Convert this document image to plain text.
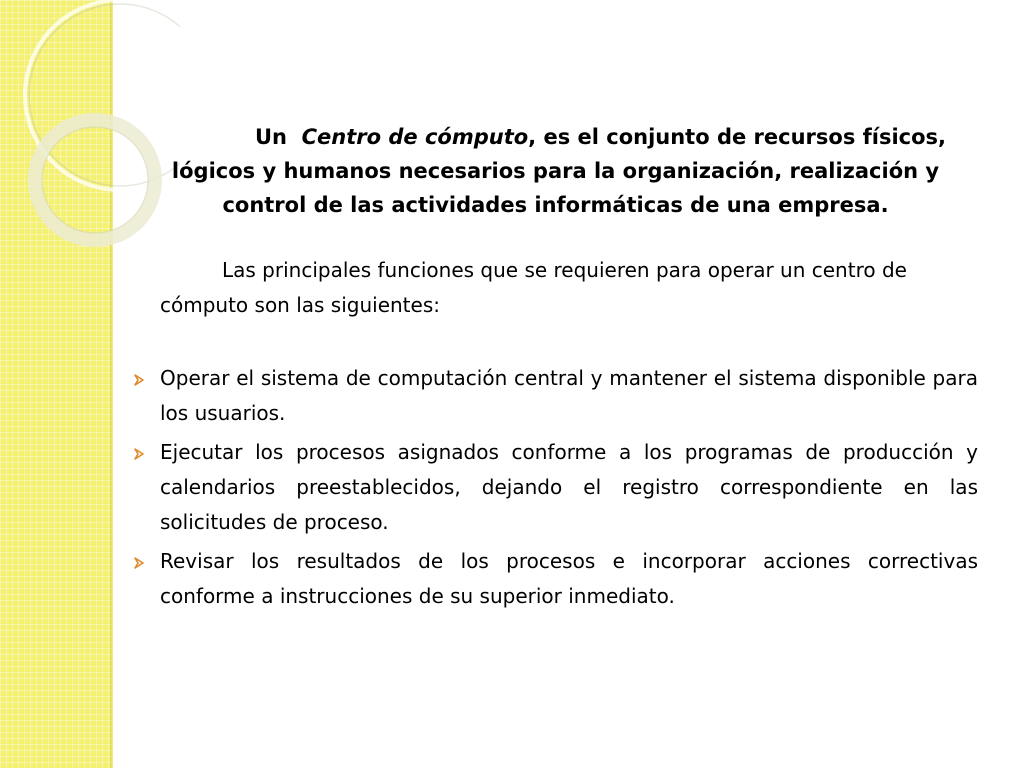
Un Centro de cómputo, es el conjunto de recursos físicos, lógicos y humanos necesarios para la organización, realización y control de las actividades informáticas de una empresa.

Las principales funciones que se requieren para operar un centro de cómputo son las siguientes:

Operar el sistema de computación central y mantener el sistema disponible para los usuarios.
Ejecutar los procesos asignados conforme a los programas de producción y calendarios preestablecidos, dejando el registro correspondiente en las solicitudes de proceso.
Revisar los resultados de los procesos e incorporar acciones correctivas conforme a instrucciones de su superior inmediato.
